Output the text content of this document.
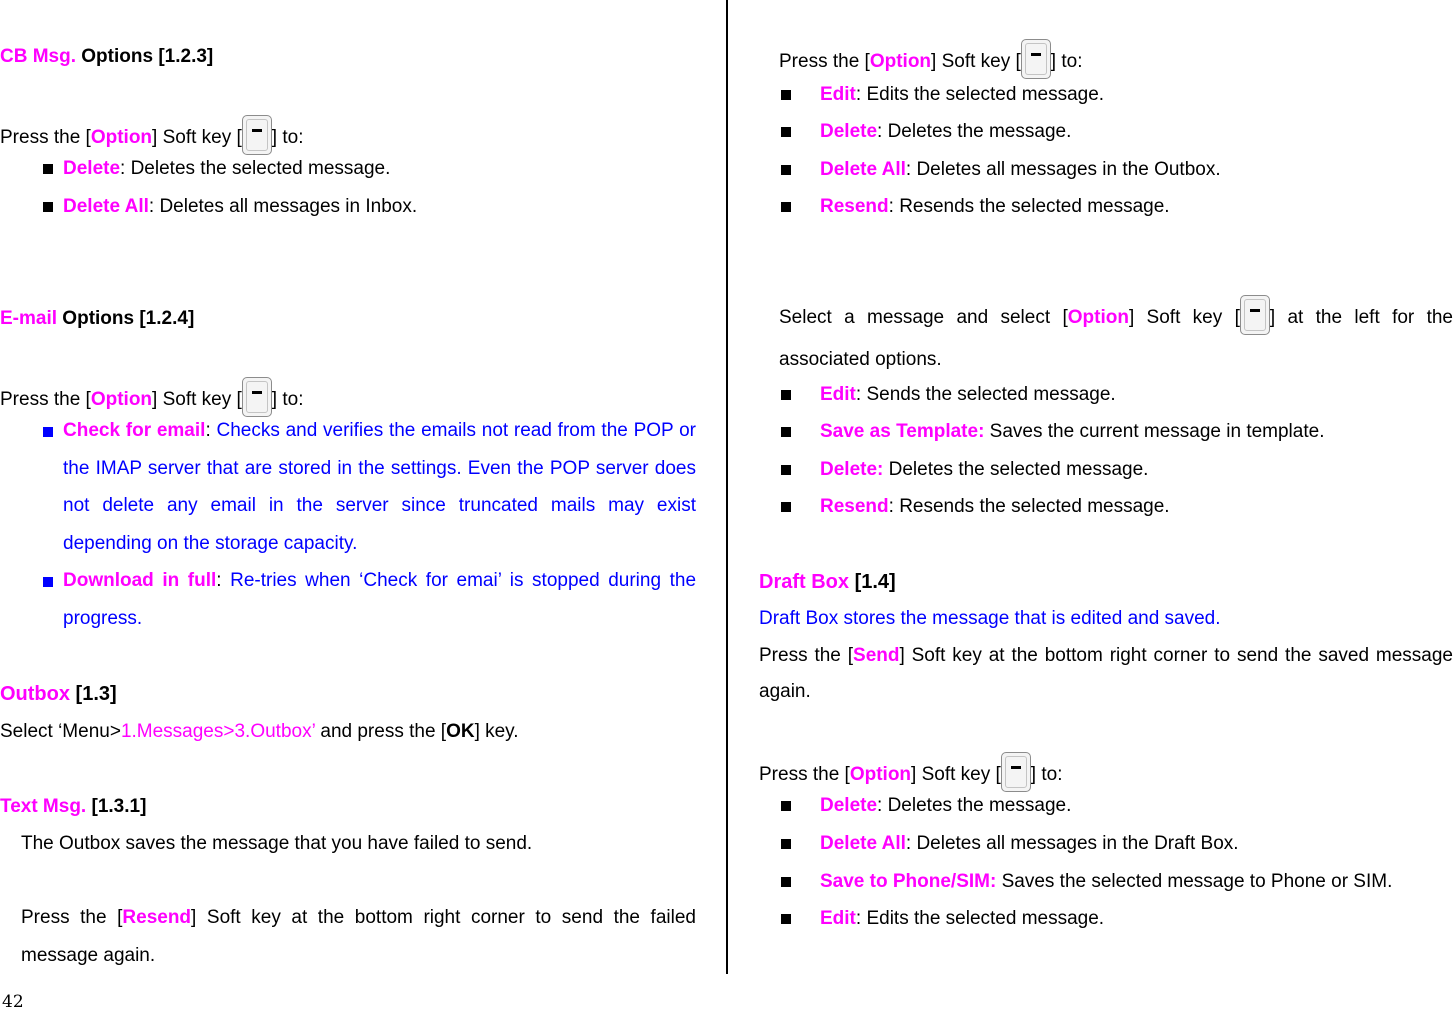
CB Msg. Options [1.2.3]
Press the [Option] Soft key [ ] to:
Delete: Deletes the selected message.
Delete All: Deletes all messages in Inbox.
E-mail Options [1.2.4]
Press the [Option] Soft key [ ] to:
Check for email: Checks and verifies the emails not read from the POP or the IMAP server that are stored in the settings. Even the POP server does not delete any email in the server since truncated mails may exist depending on the storage capacity.
Download in full: Re-tries when ‘Check for emai’ is stopped during the progress.
Outbox [1.3]
Select ‘Menu>1.Messages>3.Outbox’ and press the [OK] key.
Text Msg. [1.3.1]
The Outbox saves the message that you have failed to send.
Press the [Resend] Soft key at the bottom right corner to send the failed message again.
Press the [Option] Soft key [ ] to:
Edit: Edits the selected message.
Delete: Deletes the message.
Delete All: Deletes all messages in the Outbox.
Resend: Resends the selected message.
Select a message and select [Option] Soft key [ ] at the left for the associated options.
Edit: Sends the selected message.
Save as Template: Saves the current message in template.
Delete: Deletes the selected message.
Resend: Resends the selected message.
Draft Box [1.4]
Draft Box stores the message that is edited and saved.
Press the [Send] Soft key at the bottom right corner to send the saved message again.
Press the [Option] Soft key [ ] to:
Delete: Deletes the message.
Delete All: Deletes all messages in the Draft Box.
Save to Phone/SIM: Saves the selected message to Phone or SIM.
Edit: Edits the selected message.
42
